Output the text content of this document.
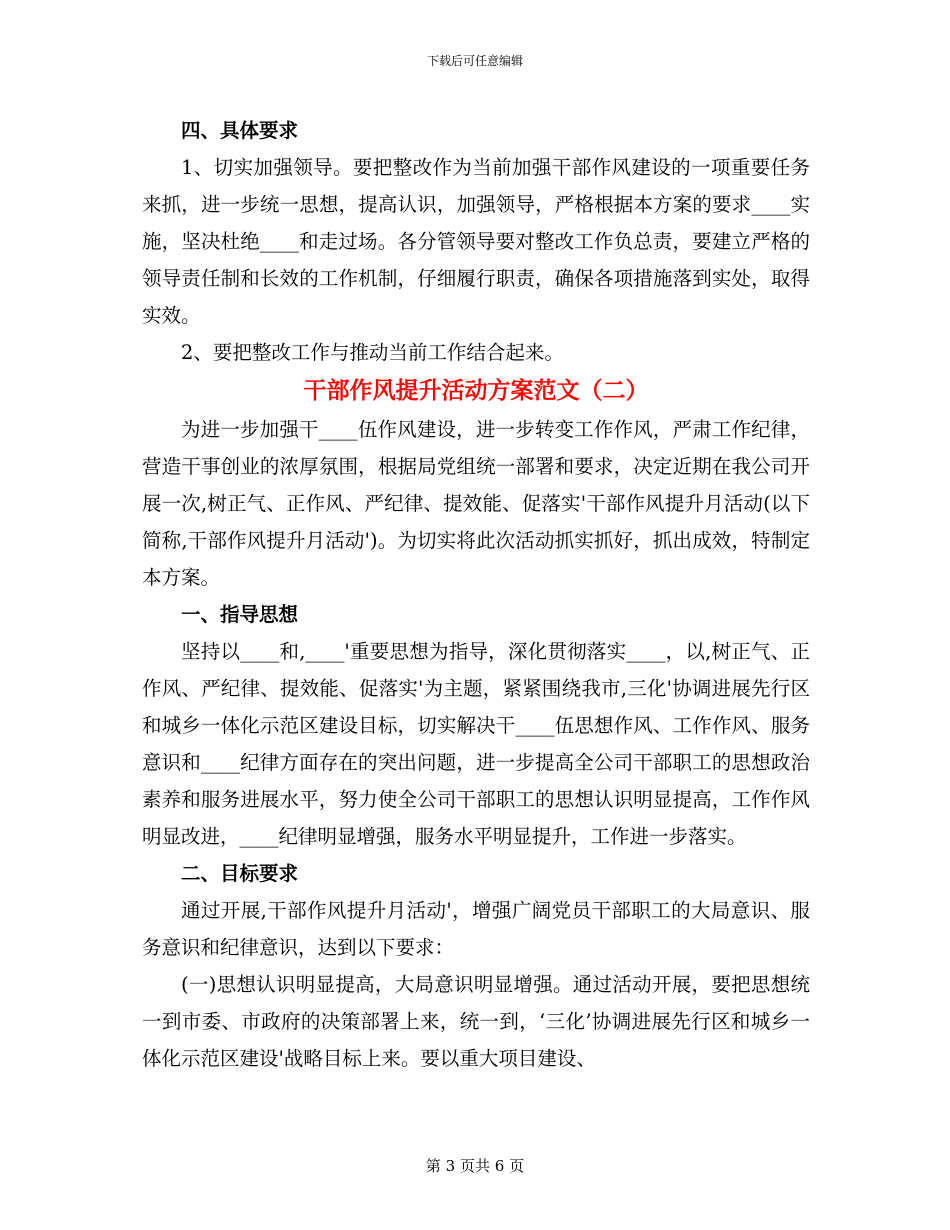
下载后可任意编辑

四、具体要求

1、切实加强领导。要把整改作为当前加强干部作风建设的一项重要任务来抓，进一步统一思想，提高认识，加强领导，严格根据本方案的要求____实施，坚决杜绝____和走过场。各分管领导要对整改工作负总责，要建立严格的领导责任制和长效的工作机制，仔细履行职责，确保各项措施落到实处，取得实效。

2、要把整改工作与推动当前工作结合起来。

干部作风提升活动方案范文（二）

为进一步加强干____伍作风建设，进一步转变工作作风，严肃工作纪律，营造干事创业的浓厚氛围，根据局党组统一部署和要求，决定近期在我公司开展一次,树正气、正作风、严纪律、提效能、促落实'干部作风提升月活动(以下简称,干部作风提升月活动')。为切实将此次活动抓实抓好，抓出成效，特制定本方案。

一、指导思想

坚持以____和,____'重要思想为指导，深化贯彻落实____，以,树正气、正作风、严纪律、提效能、促落实'为主题，紧紧围绕我市,三化'协调进展先行区和城乡一体化示范区建设目标，切实解决干____伍思想作风、工作作风、服务意识和____纪律方面存在的突出问题，进一步提高全公司干部职工的思想政治素养和服务进展水平，努力使全公司干部职工的思想认识明显提高，工作作风明显改进，____纪律明显增强，服务水平明显提升，工作进一步落实。

二、目标要求

通过开展,干部作风提升月活动'，增强广阔党员干部职工的大局意识、服务意识和纪律意识，达到以下要求：

(一)思想认识明显提高，大局意识明显增强。通过活动开展，要把思想统一到市委、市政府的决策部署上来，统一到，‘三化’协调进展先行区和城乡一体化示范区建设'战略目标上来。要以重大项目建设、

第 3 页共 6 页
